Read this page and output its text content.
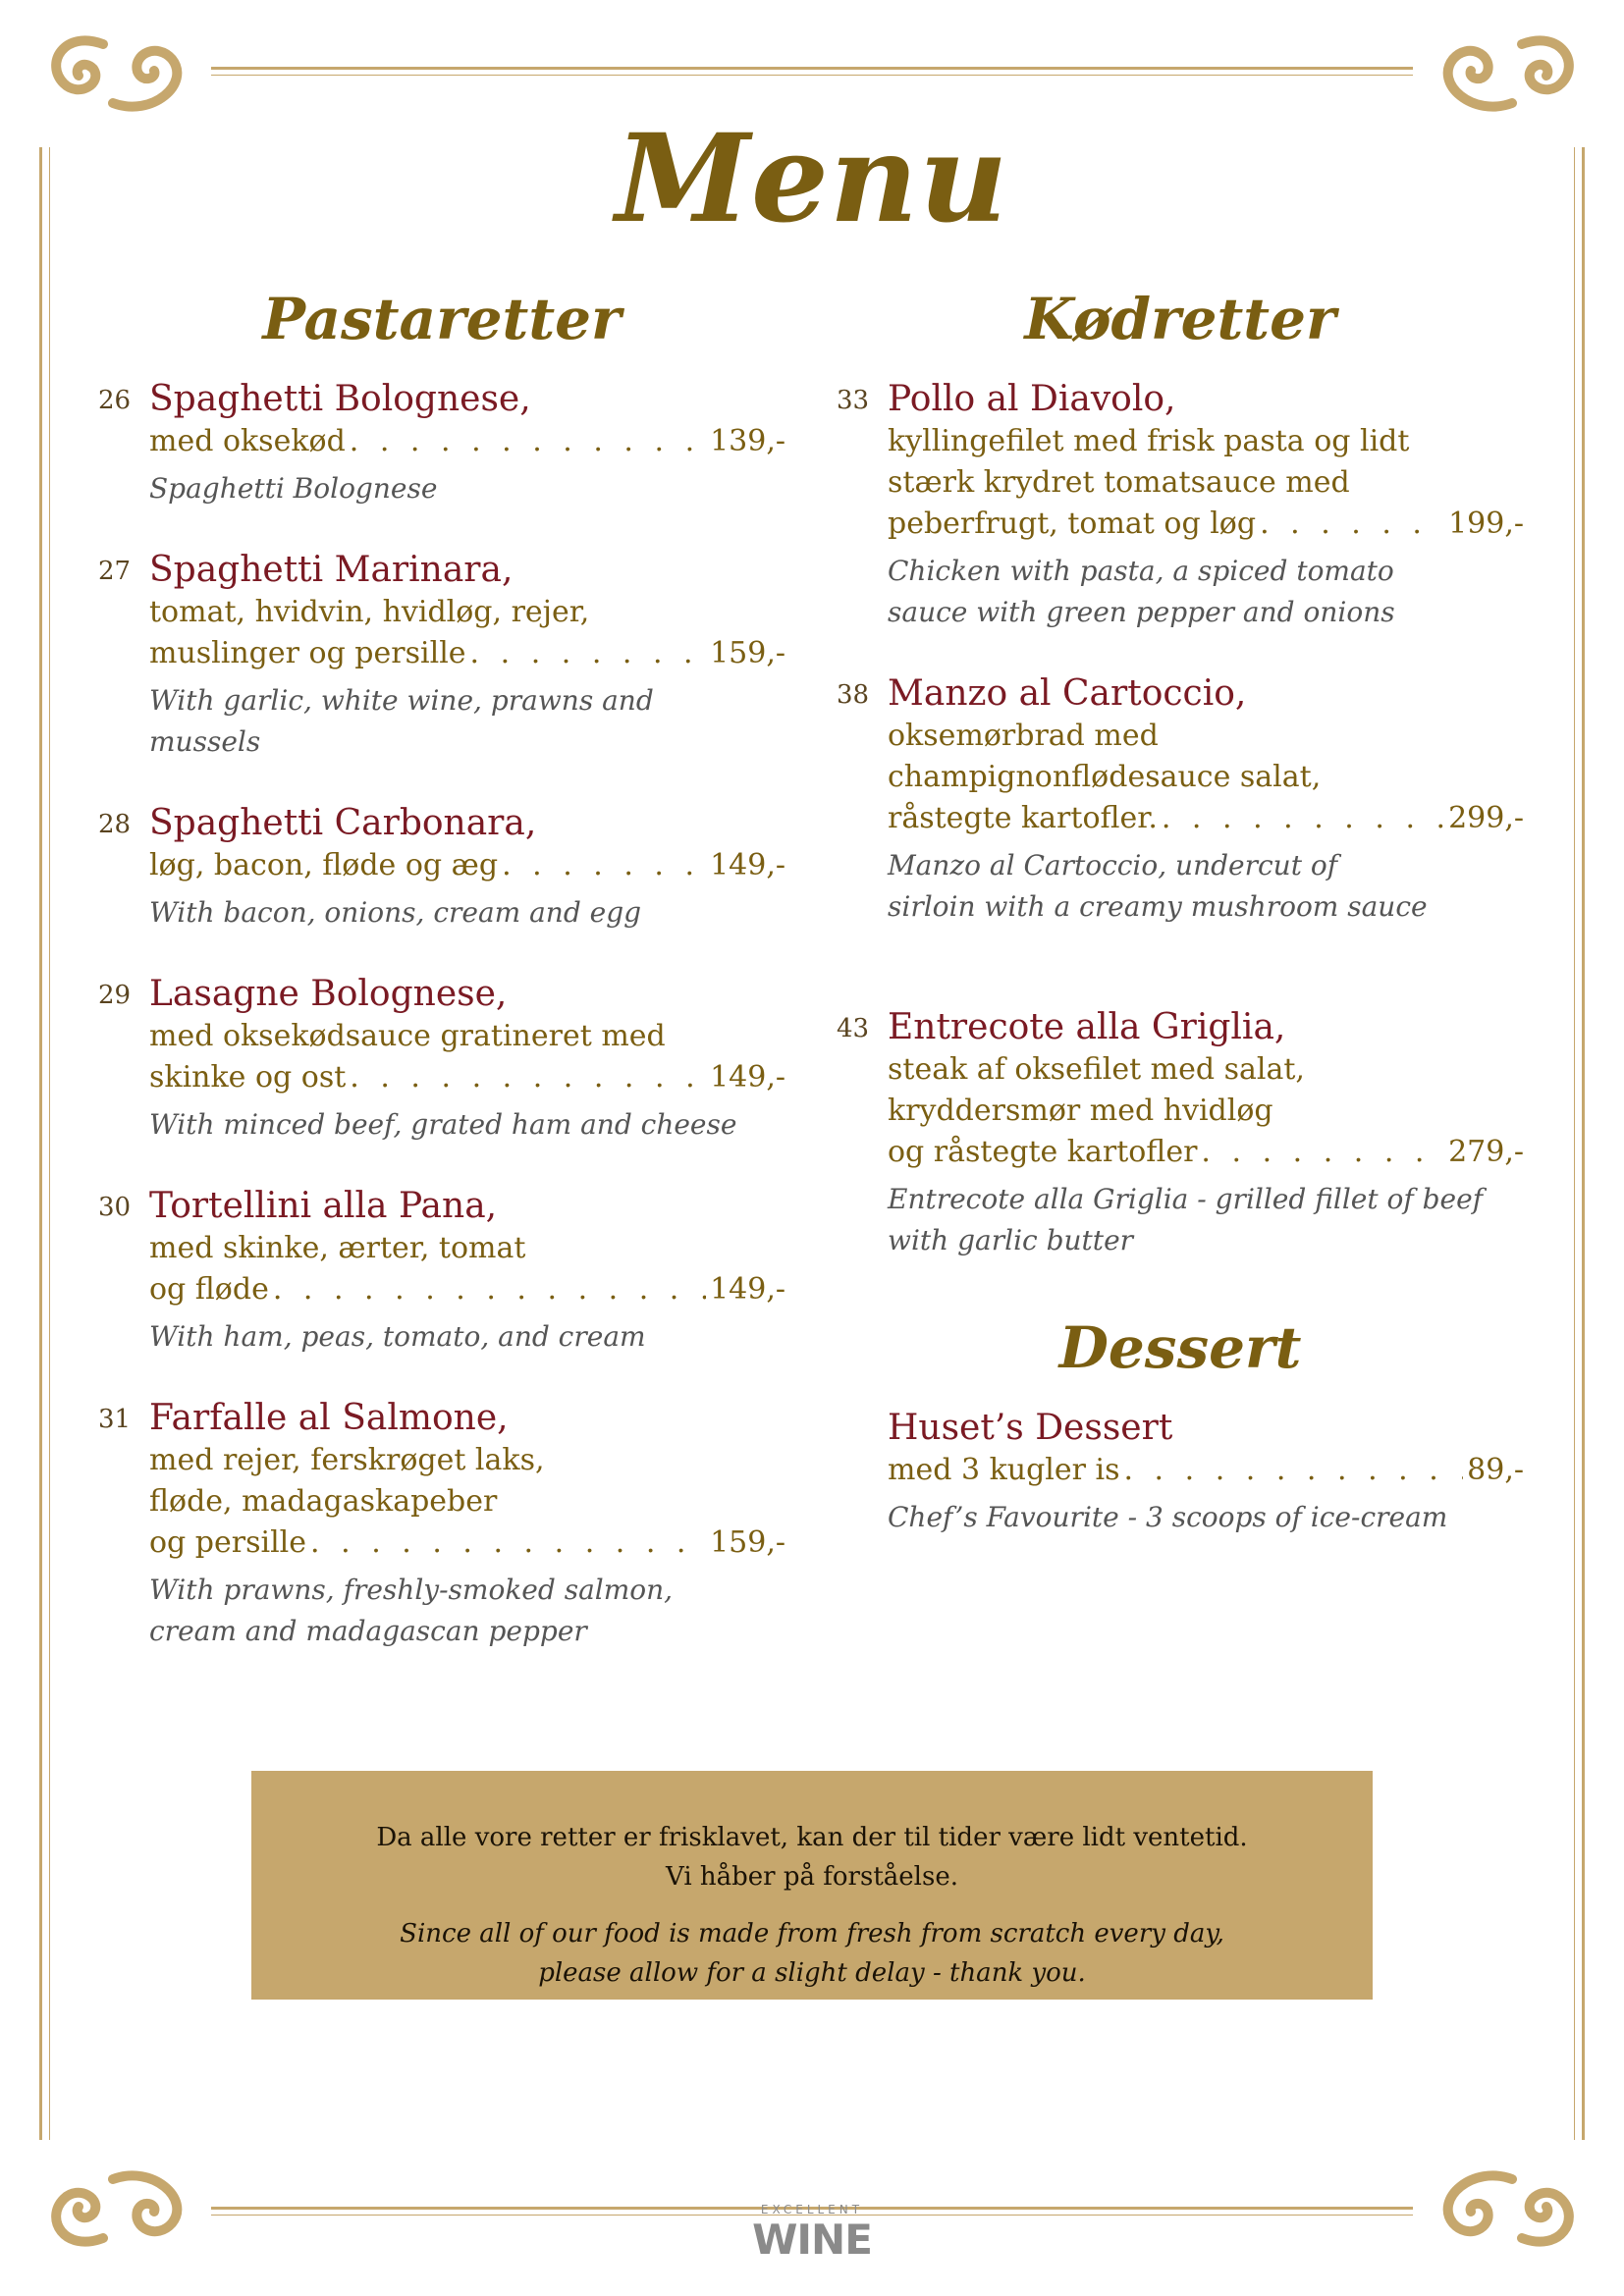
Menu
Pastaretter
26 Spaghetti Bolognese,
med oksekød . . .	139,-
Spaghetti Bolognese
27 Spaghetti Marinara,
tomat, hvidvin, hvidløg, rejer,
muslinger og persille . . .	159,-
With garlic, white wine, prawns and
mussels
28 Spaghetti Carbonara,
løg, bacon, fløde og æg . . .	149,-
With bacon, onions, cream and egg
29 Lasagne Bolognese,
med oksekødsauce gratineret med
skinke og ost . . .	149,-
With minced beef, grated ham and cheese
30 Tortellini alla Pana,
med skinke, ærter, tomat
og fløde . . .	149,-
With ham, peas, tomato, and cream
31 Farfalle al Salmone,
med rejer, ferskrøget laks,
fløde, madagaskapeber
og persille . . .	159,-
With prawns, freshly-smoked salmon,
cream and madagascan pepper
Kødretter
33 Pollo al Diavolo,
kyllingefilet med frisk pasta og lidt
stærk krydret tomatsauce med
peberfrugt, tomat og løg . . .	199,-
Chicken with pasta, a spiced tomato
sauce with green pepper and onions
38 Manzo al Cartoccio,
oksemørbrad med
champignonflødesauce salat,
råstegte kartofler. . . .	299,-
Manzo al Cartoccio, undercut of
sirloin with a creamy mushroom sauce
43 Entrecote alla Griglia,
steak af oksefilet med salat,
kryddersmør med hvidløg
og råstegte kartofler . . .	279,-
Entrecote alla Griglia - grilled fillet of beef
with garlic butter
Dessert
Huset’s Dessert
med 3 kugler is . . .	89,-
Chef’s Favourite - 3 scoops of ice-cream
Da alle vore retter er frisklavet, kan der til tider være lidt ventetid.
Vi håber på forståelse.
Since all of our food is made from fresh from scratch every day,
please allow for a slight delay - thank you.
EXCELLENT
WINE
